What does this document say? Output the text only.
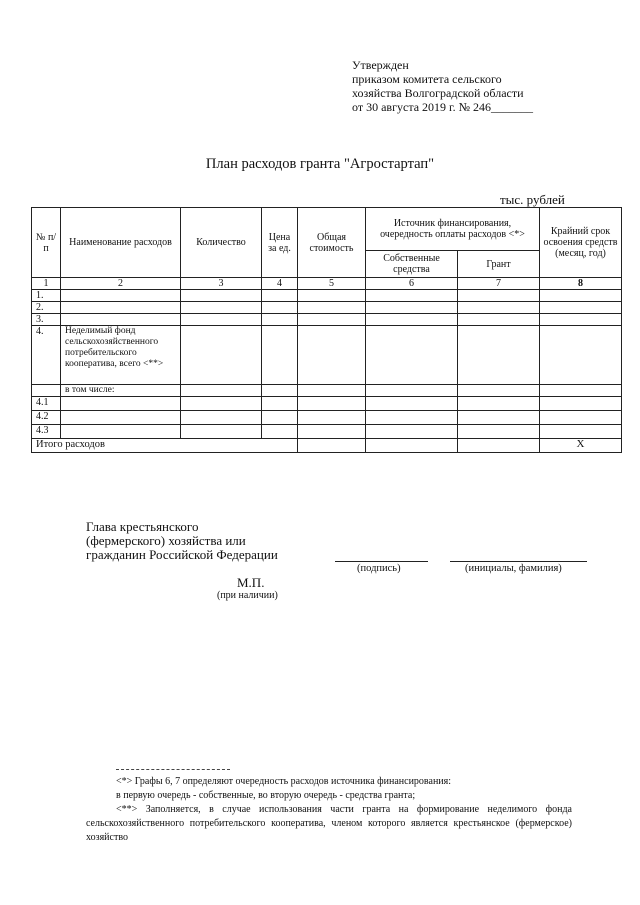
Утвержден
приказом комитета сельского
хозяйства Волгоградской области
от 30 августа 2019 г. № 246_______
План расходов гранта "Агростартап"
тыс. рублей
№ п/п	Наименование расходов	Количество	Цена за ед.	Общая стоимость	Источник финансирования, очередность оплаты расходов <*>		Крайний срок освоения средств (месяц, год)
					Собственные средства	Грант	
1	2	3	4	5	6	7	8
1.							
2.							
3.							
4.	Неделимый фонд сельскохозяйственного потребительского кооператива, всего <**>						
	в том числе:						
4.1							
4.2							
4.3							
Итого расходов							X
Глава крестьянского
(фермерского) хозяйства или
гражданин Российской Федерации
(подпись)	(инициалы, фамилия)
М.П.
(при наличии)

<*> Графы 6, 7 определяют очередность расходов источника финансирования:

в первую очередь - собственные, во вторую очередь - средства гранта;

<**> Заполняется, в случае использования части гранта на формирование неделимого фонда сельскохозяйственного потребительского кооператива, членом которого является крестьянское (фермерское) хозяйство
